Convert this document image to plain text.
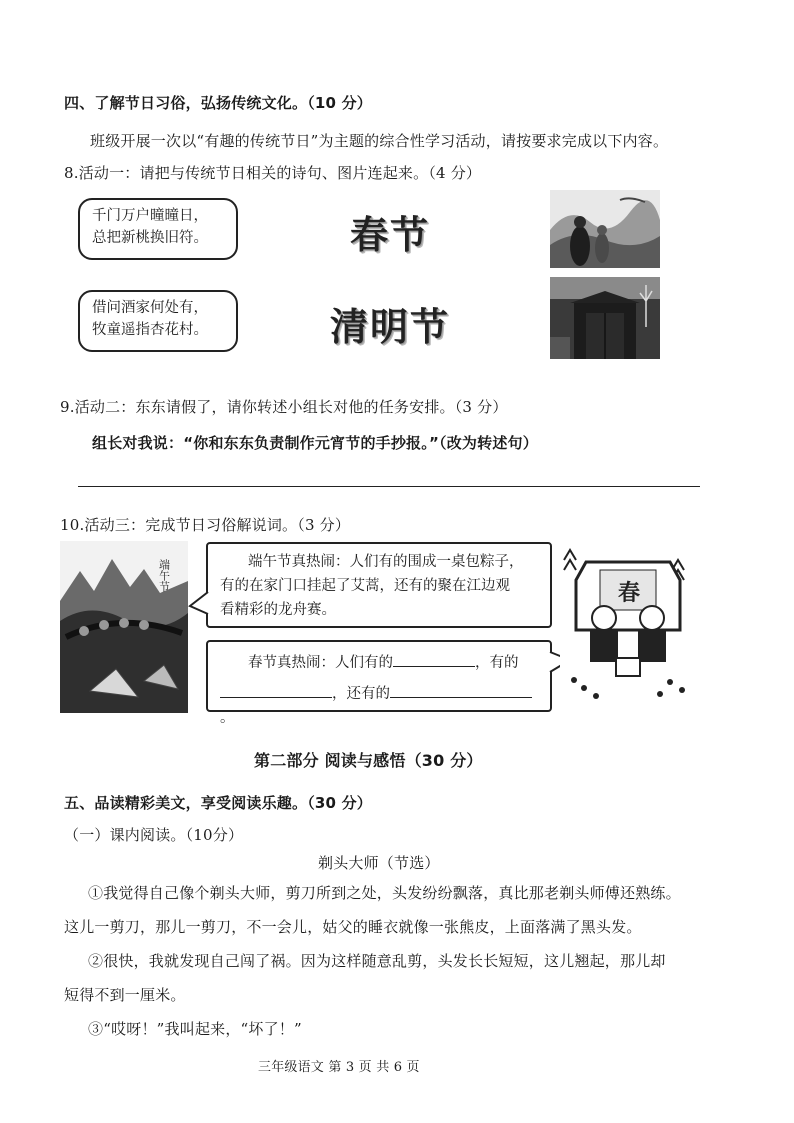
四、了解节日习俗，弘扬传统文化。（10 分）
班级开展一次以“有趣的传统节日”为主题的综合性学习活动，请按要求完成以下内容。
8.活动一：请把与传统节日相关的诗句、图片连起来。（4 分）
千门万户曈曈日，
总把新桃换旧符。
借问酒家何处有，
牧童遥指杏花村。
春节
清明节
9.活动二：东东请假了，请你转述小组长对他的任务安排。（3 分）
组长对我说：“你和东东负责制作元宵节的手抄报。”（改为转述句）
10.活动三：完成节日习俗解说词。（3 分）
端午节	端午节真热闹：人们有的围成一桌包粽子，
有的在家门口挂起了艾蒿，还有的聚在江边观
看精彩的龙舟赛。
春节真热闹：人们有的	，有的
，还有的。
春
第二部分 阅读与感悟（30 分）
五、品读精彩美文，享受阅读乐趣。（30 分）
（一）课内阅读。（10分）
剃头大师（节选）
①我觉得自己像个剃头大师，剪刀所到之处，头发纷纷飘落，真比那老剃头师傅还熟练。
这儿一剪刀，那儿一剪刀，不一会儿，姑父的睡衣就像一张熊皮，上面落满了黑头发。
②很快，我就发现自己闯了祸。因为这样随意乱剪，头发长长短短，这儿翘起，那儿却
短得不到一厘米。
③“哎呀！”我叫起来，“坏了！”
三年级语文 第 3 页 共 6 页
